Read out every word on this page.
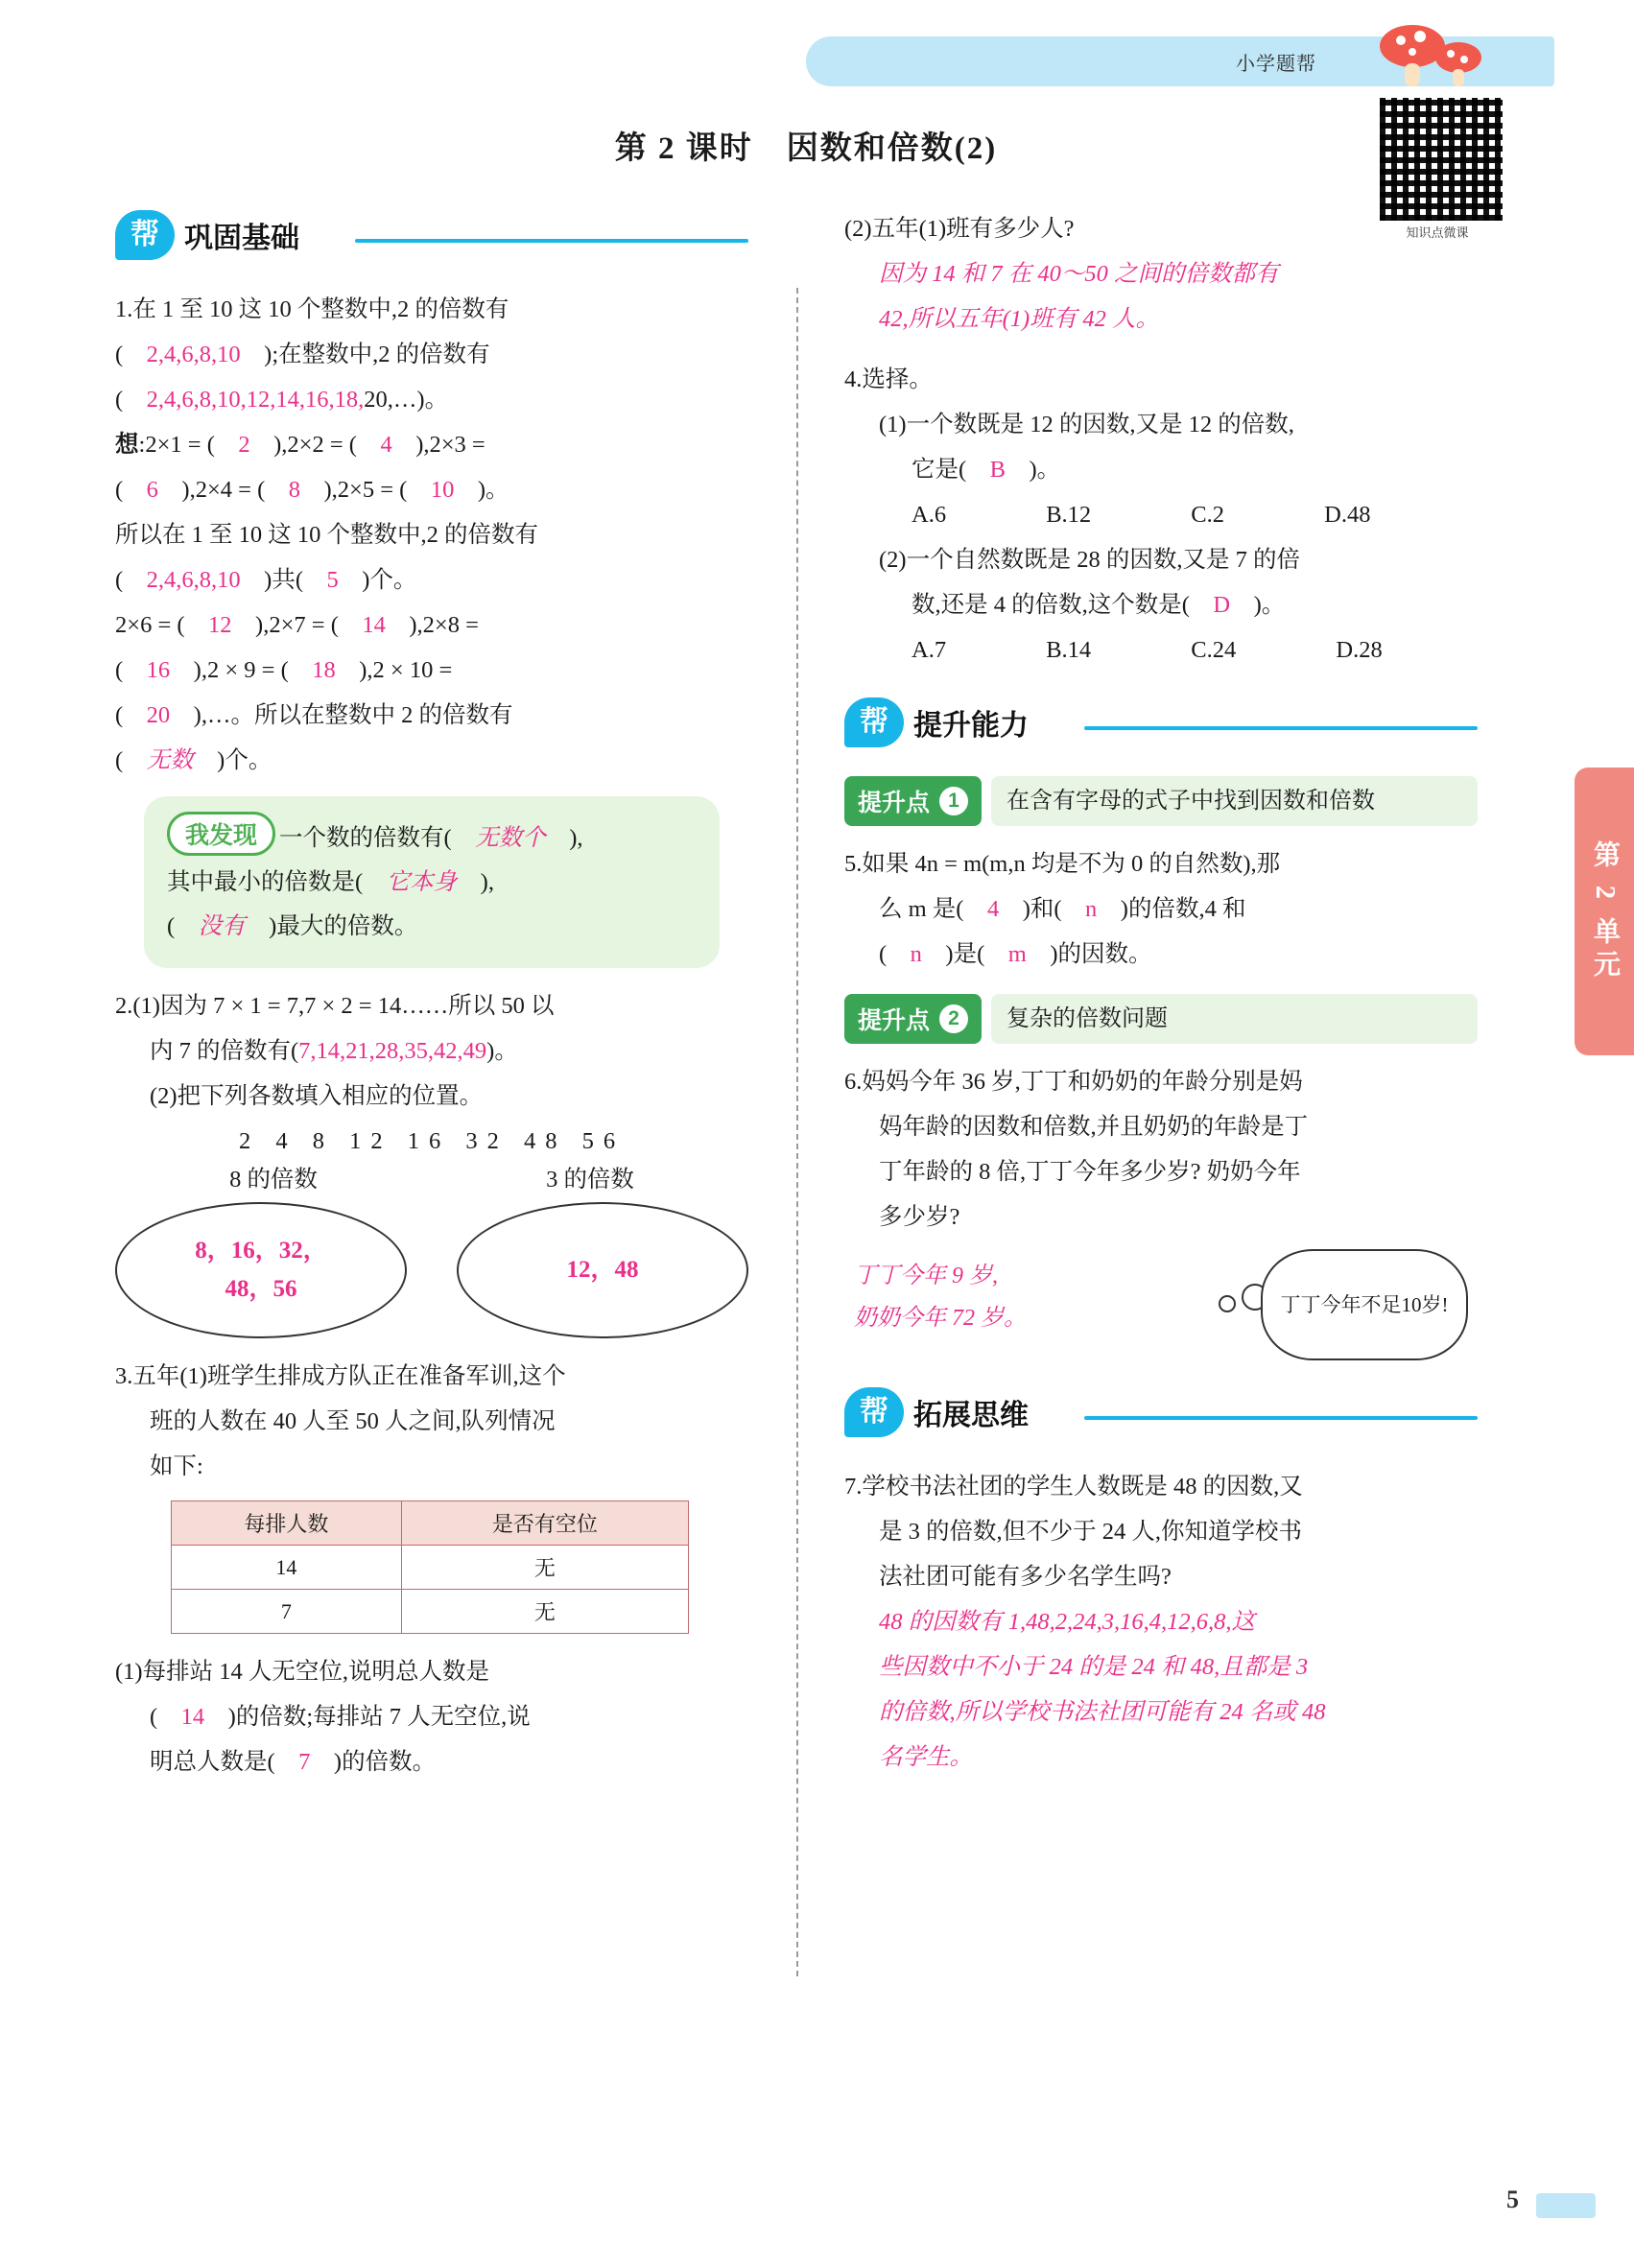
小学题帮
知识点微课
第 2 课时　因数和倍数(2)
第 2 单元
帮 巩固基础
1.在 1 至 10 这 10 个整数中,2 的倍数有
(　2,4,6,8,10　 );在整数中,2 的倍数有
(　2,4,6,8,10,12,14,16,18,20,…)。
想:2×1 = (　 2　 ),2×2 = (　 4　 ),2×3 =
(　6　 ),2×4 = (　 8　 ),2×5 = (　 10　 )。
所以在 1 至 10 这 10 个整数中,2 的倍数有
(　2,4,6,8,10　 )共(　 5　 )个。
2×6 = (　 12　 ),2×7 = (　 14　 ),2×8 =
(　16　 ),2 × 9 = (　 18　 ),2 × 10 =
(　20　 ),…。所以在整数中 2 的倍数有
(　无数　 )个。
我发现 一个数的倍数有(　 无数个　 ),
其中最小的倍数是(　 它本身　 ),
(　 没有　 )最大的倍数。
2.(1)因为 7 × 1 = 7,7 × 2 = 14……所以 50 以

内 7 的倍数有(7,14,21,28,35,42,49)。
(2)把下列各数填入相应的位置。
2 4 8 12 16 32 48 56
8 的倍数	3 的倍数
8，16，32，
48，56
12，48
3.五年(1)班学生排成方队正在准备军训,这个

班的人数在 40 人至 50 人之间,队列情况
如下:
每排人数	是否有空位
14	无
7	无
(1)每排站 14 人无空位,说明总人数是

(　 14　 )的倍数;每排站 7 人无空位,说
明总人数是(　 7　 )的倍数。
(2)五年(1)班有多少人?

因为 14 和 7 在 40～50 之间的倍数都有
42,所以五年(1)班有 42 人。
4.选择。

(1)一个数既是 12 的因数,又是 12 的倍数,
它是(　 B　 )。
A.6　　　　	B.12　　　　	C.2　　　　	D.48
(2)一个自然数既是 28 的因数,又是 7 的倍
数,还是 4 的倍数,这个数是(　 D　 )。
A.7　　　　	B.14　　　　	C.24　　　　	D.28
帮 提升能力
提升点 1	在含有字母的式子中找到因数和倍数
5.如果 4n = m(m,n 均是不为 0 的自然数),那

么 m 是(　 4　 )和(　 n　 )的倍数,4 和
(　 n　 )是(　 m　 )的因数。
提升点 2	复杂的倍数问题
6.妈妈今年 36 岁,丁丁和奶奶的年龄分别是妈

妈年龄的因数和倍数,并且奶奶的年龄是丁
丁年龄的 8 倍,丁丁今年多少岁? 奶奶今年
多少岁?
丁丁今年 9 岁,
奶奶今年 72 岁。
丁丁今年不足10岁!
帮 拓展思维
7.学校书法社团的学生人数既是 48 的因数,又

是 3 的倍数,但不少于 24 人,你知道学校书
法社团可能有多少名学生吗?
48 的因数有 1,48,2,24,3,16,4,12,6,8,这
些因数中不小于 24 的是 24 和 48,且都是 3
的倍数,所以学校书法社团可能有 24 名或 48
名学生。
5
